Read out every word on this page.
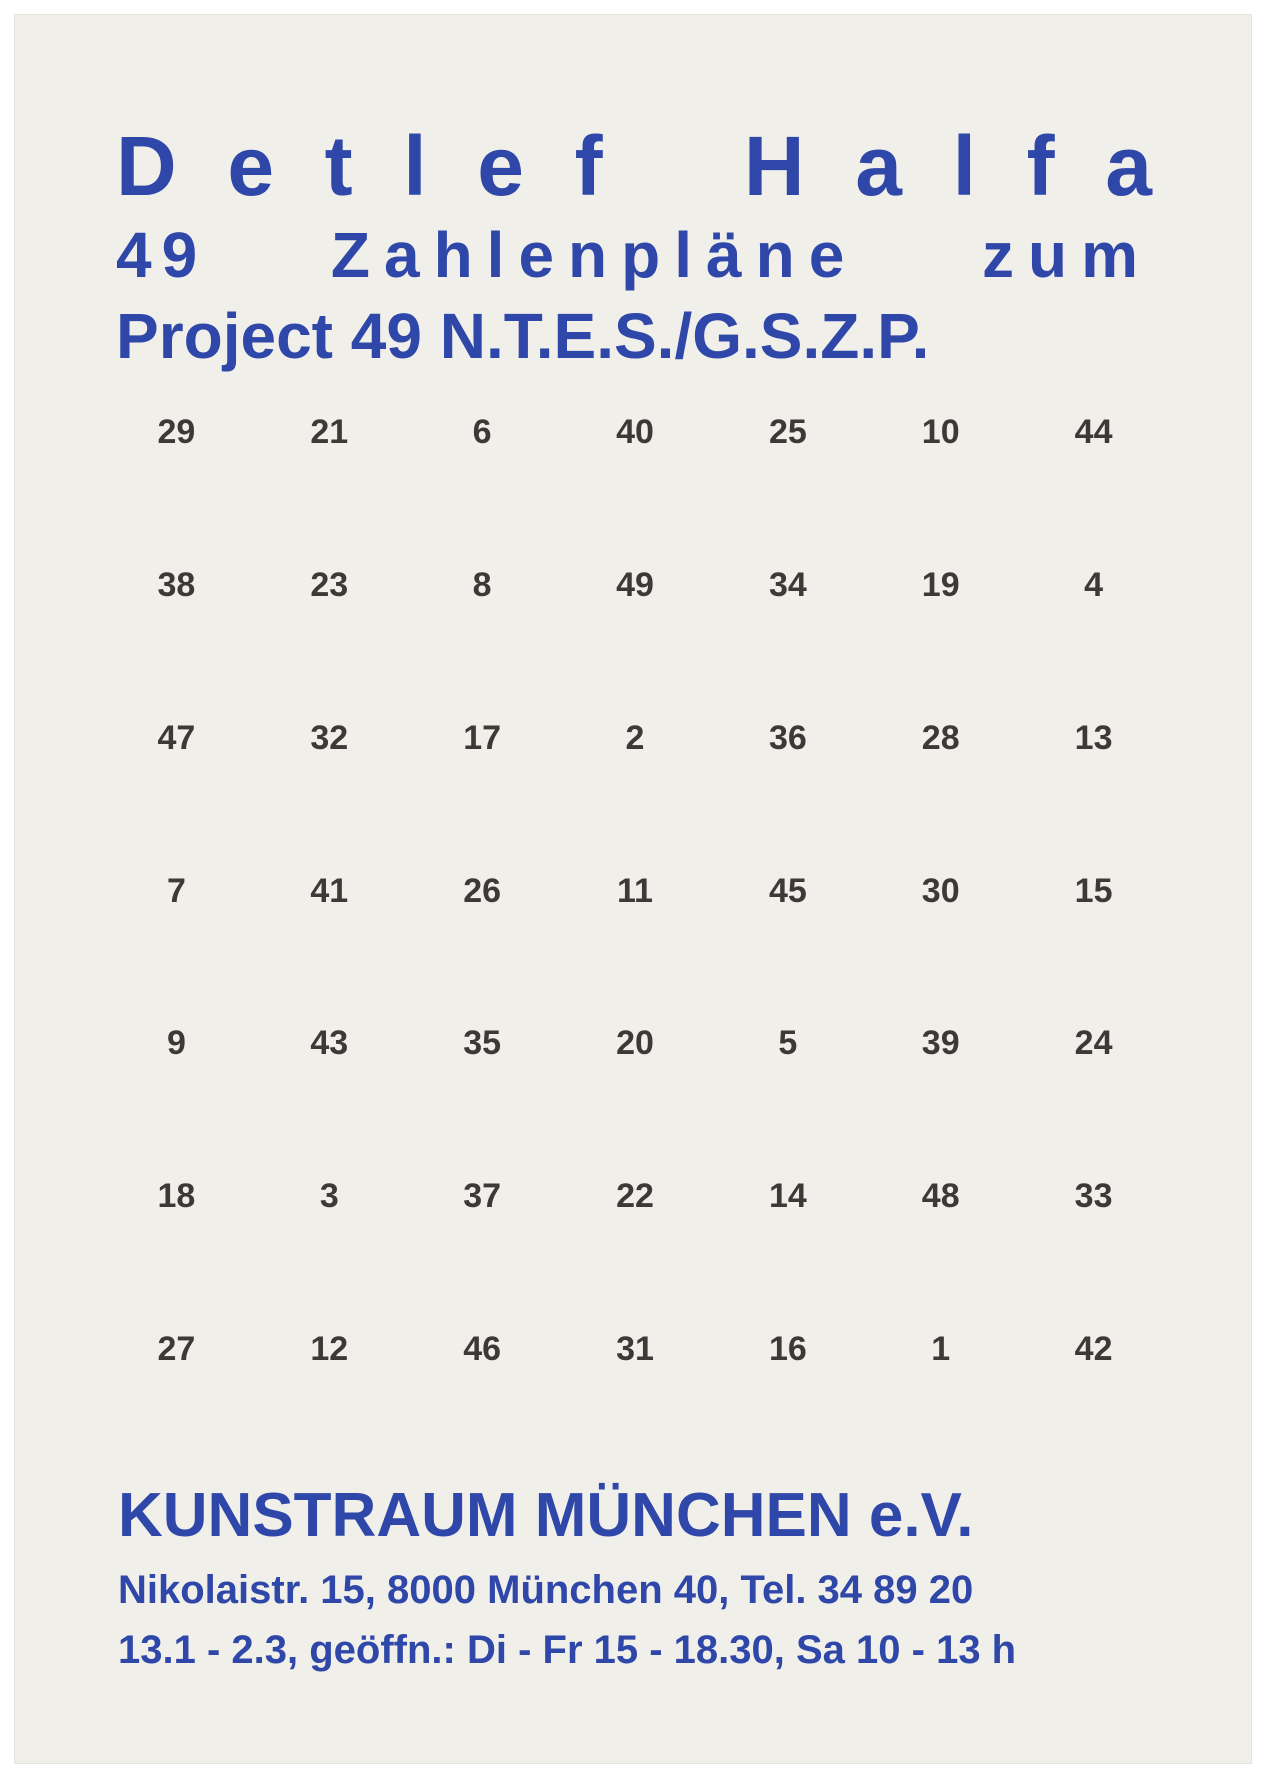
D e t l e f H a l f a
49 Zahlenpläne zum
Project 49 N.T.E.S./G.S.Z.P.
29	21	6	40	25	10	44
38	23	8	49	34	19	4
47	32	17	2	36	28	13
7	41	26	11	45	30	15
9	43	35	20	5	39	24
18	3	37	22	14	48	33
27	12	46	31	16	1	42
KUNSTRAUM MÜNCHEN e.V.
Nikolaistr. 15, 8000 München 40, Tel. 34 89 20
13.1 - 2.3, geöffn.: Di - Fr 15 - 18.30, Sa 10 - 13 h
